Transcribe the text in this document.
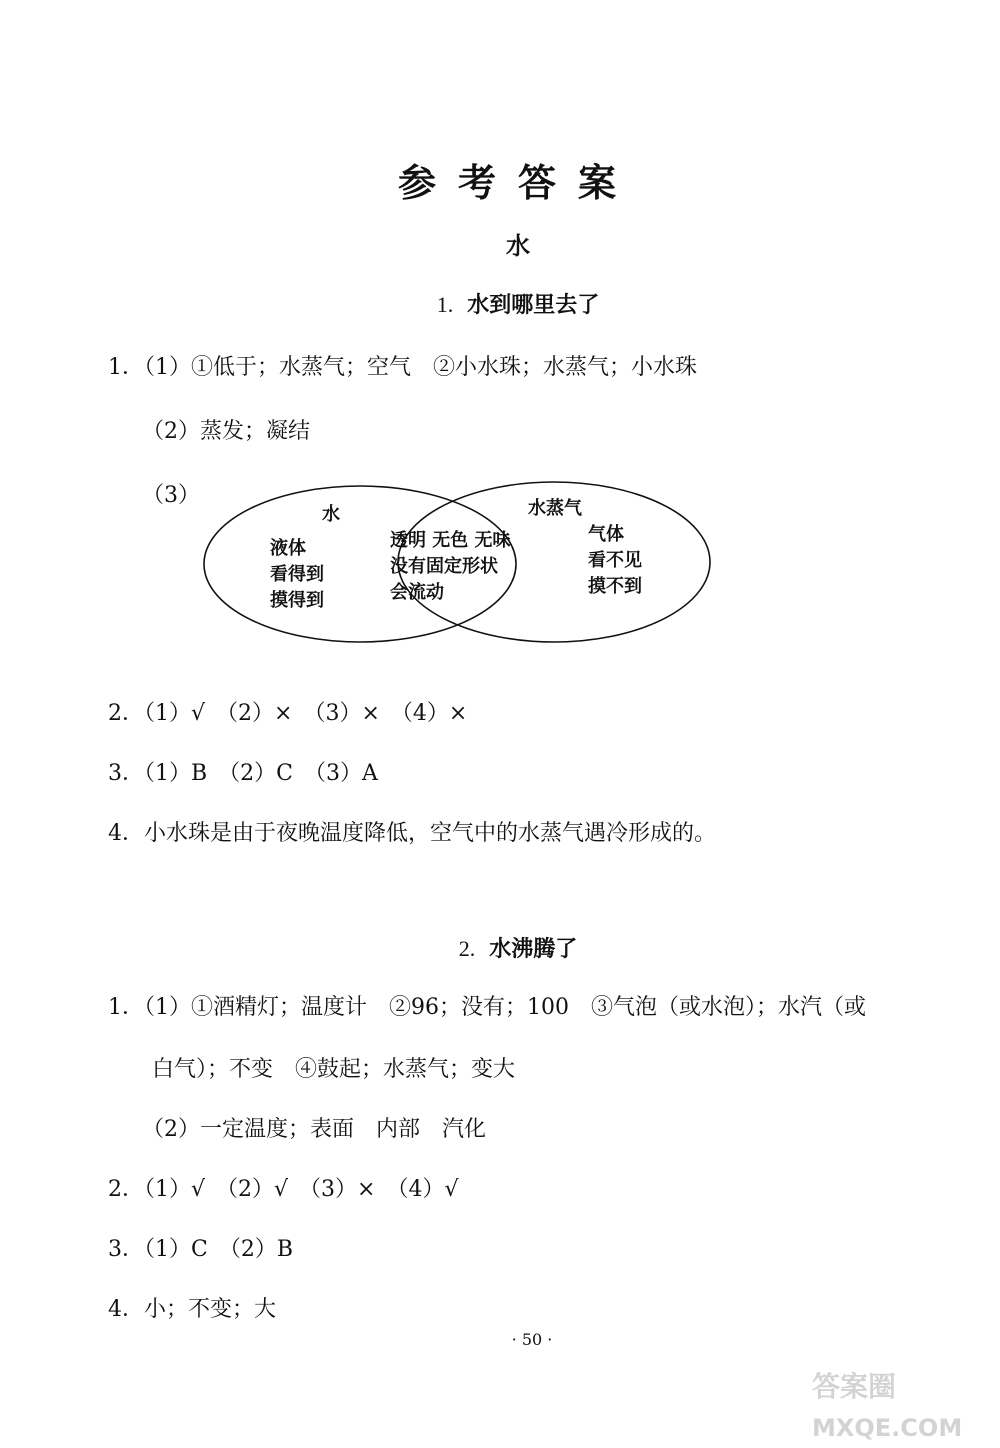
参考答案
水
1. 水到哪里去了
1．（1）①低于；水蒸气；空气　②小水珠；水蒸气；小水珠
（2）蒸发；凝结
（3）
水	水蒸气
液体
看得到
摸得到
透明 无色 无味
没有固定形状
会流动
气体
看不见
摸不到
2．（1）√　（2）×　（3）×　（4）×
3．（1）B　（2）C　（3）A
4．小水珠是由于夜晚温度降低，空气中的水蒸气遇冷形成的。
2. 水沸腾了
1．（1）①酒精灯；温度计　②96；没有；100　③气泡（或水泡）；水汽（或
白气）；不变　④鼓起；水蒸气；变大
（2）一定温度；表面　内部　汽化
2．（1）√　（2）√　（3）×　（4）√
3．（1）C　（2）B
4．小；不变；大
· 50 ·
答案圈
MXQE.COM
